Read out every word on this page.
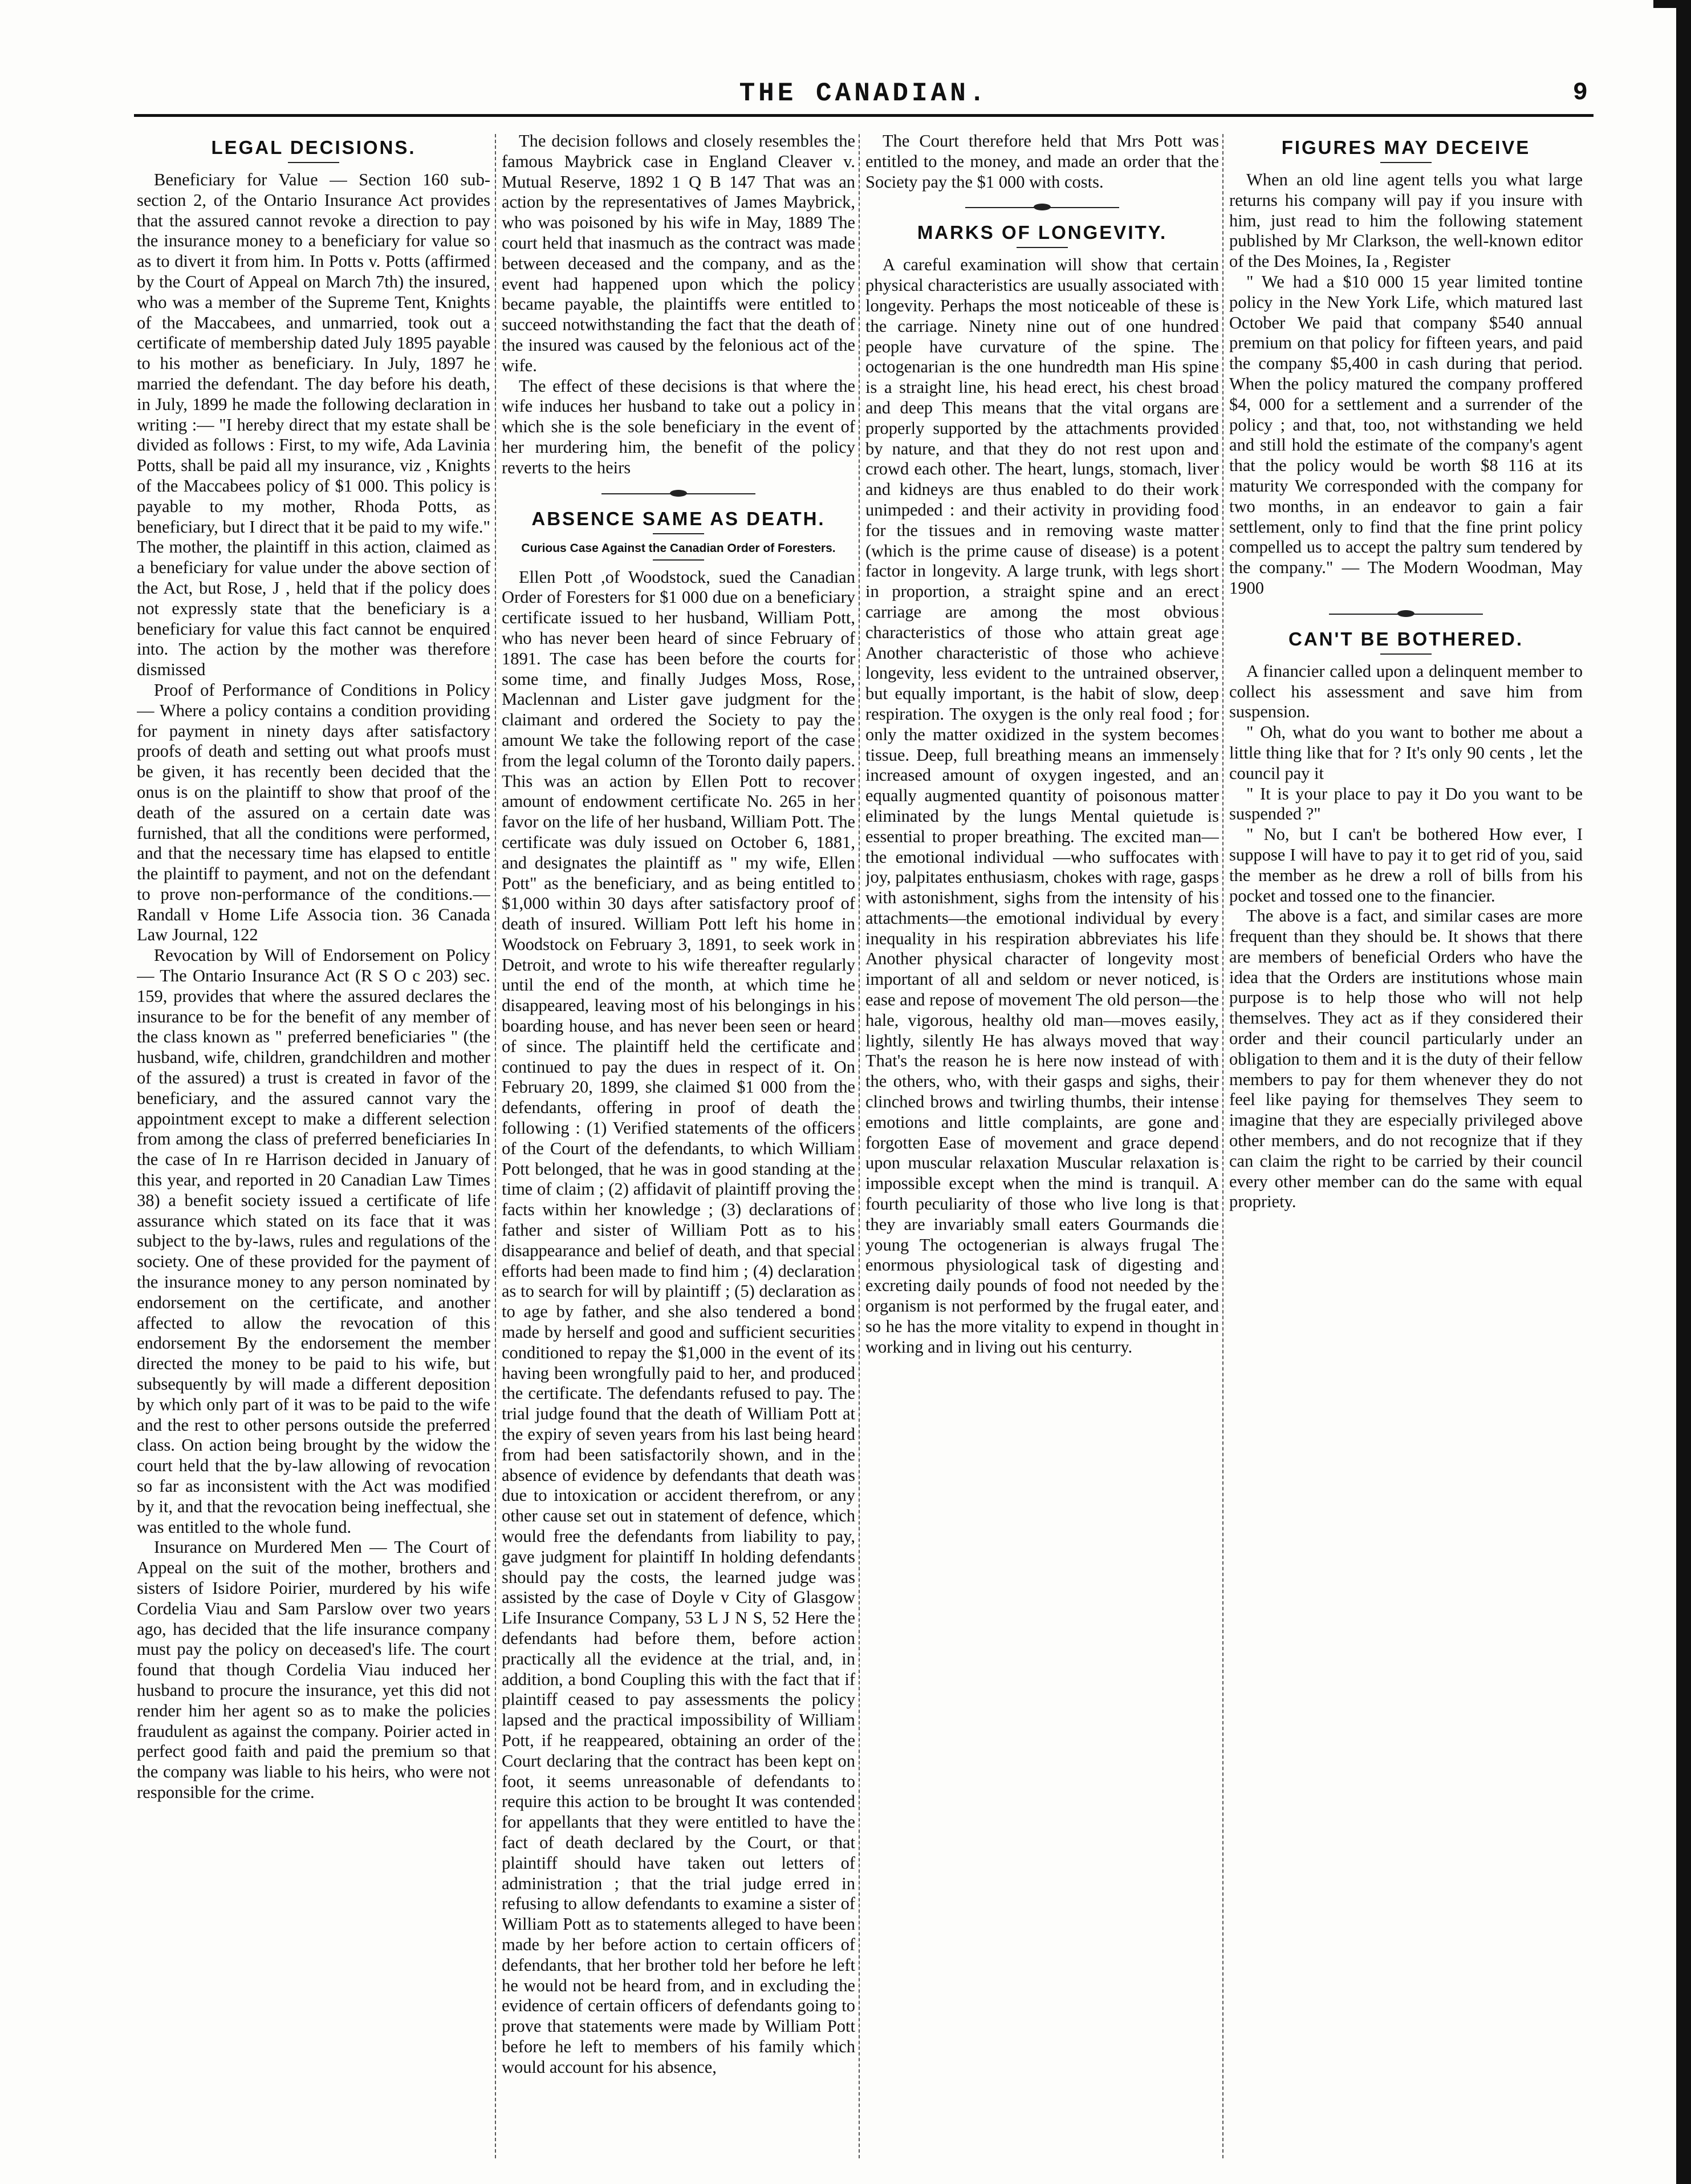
THE CANADIAN.	9
LEGAL DECISIONS.

Beneficiary for Value — Section 160 sub-section 2, of the Ontario Insurance Act provides that the assured cannot revoke a direction to pay the insurance money to a beneficiary for value so as to divert it from him. In Potts v. Potts (affirmed by the Court of Appeal on March 7th) the insured, who was a member of the Supreme Tent, Knights of the Maccabees, and unmarried, took out a certificate of membership dated July 1895 payable to his mother as beneficiary. In July, 1897 he married the defendant. The day before his death, in July, 1899 he made the following declaration in writing :— "I hereby direct that my estate shall be divided as follows : First, to my wife, Ada Lavinia Potts, shall be paid all my insurance, viz , Knights of the Maccabees policy of $1 000. This policy is payable to my mother, Rhoda Potts, as beneficiary, but I direct that it be paid to my wife." The mother, the plaintiff in this action, claimed as a beneficiary for value under the above section of the Act, but Rose, J , held that if the policy does not expressly state that the beneficiary is a beneficiary for value this fact cannot be enquired into. The action by the mother was therefore dismissed

Proof of Performance of Conditions in Policy — Where a policy contains a condition providing for payment in ninety days after satisfactory proofs of death and setting out what proofs must be given, it has recently been decided that the onus is on the plaintiff to show that proof of the death of the assured on a certain date was furnished, that all the conditions were performed, and that the necessary time has elapsed to entitle the plaintiff to payment, and not on the defendant to prove non-performance of the conditions.— Randall v Home Life Associa tion. 36 Canada Law Journal, 122

Revocation by Will of Endorsement on Policy — The Ontario Insurance Act (R S O c 203) sec. 159, provides that where the assured declares the insurance to be for the benefit of any member of the class known as " preferred beneficiaries " (the husband, wife, children, grandchildren and mother of the assured) a trust is created in favor of the beneficiary, and the assured cannot vary the appointment except to make a different selection from among the class of preferred beneficiaries In the case of In re Harrison decided in January of this year, and reported in 20 Canadian Law Times 38) a benefit society issued a certificate of life assurance which stated on its face that it was subject to the by-laws, rules and regulations of the society. One of these provided for the payment of the insurance money to any person nominated by endorsement on the certificate, and another affected to allow the revocation of this endorsement By the endorsement the member directed the money to be paid to his wife, but subsequently by will made a different deposition by which only part of it was to be paid to the wife and the rest to other persons outside the preferred class. On action being brought by the widow the court held that the by-law allowing of revocation so far as inconsistent with the Act was modified by it, and that the revocation being ineffectual, she was entitled to the whole fund.

Insurance on Murdered Men — The Court of Appeal on the suit of the mother, brothers and sisters of Isidore Poirier, murdered by his wife Cordelia Viau and Sam Parslow over two years ago, has decided that the life insurance company must pay the policy on deceased's life. The court found that though Cordelia Viau induced her husband to procure the insurance, yet this did not render him her agent so as to make the policies fraudulent as against the company. Poirier acted in perfect good faith and paid the premium so that the company was liable to his heirs, who were not responsible for the crime.

The decision follows and closely resembles the famous Maybrick case in England Cleaver v. Mutual Reserve, 1892 1 Q B 147 That was an action by the representatives of James Maybrick, who was poisoned by his wife in May, 1889 The court held that inasmuch as the contract was made between deceased and the company, and as the event had happened upon which the policy became payable, the plaintiffs were entitled to succeed notwithstanding the fact that the death of the insured was caused by the felonious act of the wife.

The effect of these decisions is that where the wife induces her husband to take out a policy in which she is the sole beneficiary in the event of her murdering him, the benefit of the policy reverts to the heirs

ABSENCE SAME AS DEATH.
Curious Case Against the Canadian Order of Foresters.

Ellen Pott ,of Woodstock, sued the Canadian Order of Foresters for $1 000 due on a beneficiary certificate issued to her husband, William Pott, who has never been heard of since February of 1891. The case has been before the courts for some time, and finally Judges Moss, Rose, Maclennan and Lister gave judgment for the claimant and ordered the Society to pay the amount We take the following report of the case from the legal column of the Toronto daily papers. This was an action by Ellen Pott to recover amount of endowment certificate No. 265 in her favor on the life of her husband, William Pott. The certificate was duly issued on October 6, 1881, and designates the plaintiff as " my wife, Ellen Pott" as the beneficiary, and as being entitled to $1,000 within 30 days after satisfactory proof of death of insured. William Pott left his home in Woodstock on February 3, 1891, to seek work in Detroit, and wrote to his wife thereafter regularly until the end of the month, at which time he disappeared, leaving most of his belongings in his boarding house, and has never been seen or heard of since. The plaintiff held the certificate and continued to pay the dues in respect of it. On February 20, 1899, she claimed $1 000 from the defendants, offering in proof of death the following : (1) Verified statements of the officers of the Court of the defendants, to which William Pott belonged, that he was in good standing at the time of claim ; (2) affidavit of plaintiff proving the facts within her knowledge ; (3) declarations of father and sister of William Pott as to his disappearance and belief of death, and that special efforts had been made to find him ; (4) declaration as to search for will by plaintiff ; (5) declaration as to age by father, and she also tendered a bond made by herself and good and sufficient securities conditioned to repay the $1,000 in the event of its having been wrongfully paid to her, and produced the certificate. The defendants refused to pay. The trial judge found that the death of William Pott at the expiry of seven years from his last being heard from had been satisfactorily shown, and in the absence of evidence by defendants that death was due to intoxication or accident therefrom, or any other cause set out in statement of defence, which would free the defendants from liability to pay, gave judgment for plaintiff In holding defendants should pay the costs, the learned judge was assisted by the case of Doyle v City of Glasgow Life Insurance Company, 53 L J N S, 52 Here the defendants had before them, before action practically all the evidence at the trial, and, in addition, a bond Coupling this with the fact that if plaintiff ceased to pay assessments the policy lapsed and the practical impossibility of William Pott, if he reappeared, obtaining an order of the Court declaring that the contract has been kept on foot, it seems unreasonable of defendants to require this action to be brought It was contended for appellants that they were entitled to have the fact of death declared by the Court, or that plaintiff should have taken out letters of administration ; that the trial judge erred in refusing to allow defendants to examine a sister of William Pott as to statements alleged to have been made by her before action to certain officers of defendants, that her brother told her before he left he would not be heard from, and in excluding the evidence of certain officers of defendants going to prove that statements were made by William Pott before he left to members of his family which would account for his absence,

The Court therefore held that Mrs Pott was entitled to the money, and made an order that the Society pay the $1 000 with costs.

MARKS OF LONGEVITY.

A careful examination will show that certain physical characteristics are usually associated with longevity. Perhaps the most noticeable of these is the carriage. Ninety nine out of one hundred people have curvature of the spine. The octogenarian is the one hundredth man His spine is a straight line, his head erect, his chest broad and deep This means that the vital organs are properly supported by the attachments provided by nature, and that they do not rest upon and crowd each other. The heart, lungs, stomach, liver and kidneys are thus enabled to do their work unimpeded : and their activity in providing food for the tissues and in removing waste matter (which is the prime cause of disease) is a potent factor in longevity. A large trunk, with legs short in proportion, a straight spine and an erect carriage are among the most obvious characteristics of those who attain great age Another characteristic of those who achieve longevity, less evident to the untrained observer, but equally important, is the habit of slow, deep respiration. The oxygen is the only real food ; for only the matter oxidized in the system becomes tissue. Deep, full breathing means an immensely increased amount of oxygen ingested, and an equally augmented quantity of poisonous matter eliminated by the lungs Mental quietude is essential to proper breathing. The excited man—the emotional individual —who suffocates with joy, palpitates enthusiasm, chokes with rage, gasps with astonishment, sighs from the intensity of his attachments—the emotional individual by every inequality in his respiration abbreviates his life Another physical character of longevity most important of all and seldom or never noticed, is ease and repose of movement The old person—the hale, vigorous, healthy old man—moves easily, lightly, silently He has always moved that way That's the reason he is here now instead of with the others, who, with their gasps and sighs, their clinched brows and twirling thumbs, their intense emotions and little complaints, are gone and forgotten Ease of movement and grace depend upon muscular relaxation Muscular relaxation is impossible except when the mind is tranquil. A fourth peculiarity of those who live long is that they are invariably small eaters Gourmands die young The octogenerian is always frugal The enormous physiological task of digesting and excreting daily pounds of food not needed by the organism is not performed by the frugal eater, and so he has the more vitality to expend in thought in working and in living out his centurry.

FIGURES MAY DECEIVE

When an old line agent tells you what large returns his company will pay if you insure with him, just read to him the following statement published by Mr Clarkson, the well-known editor of the Des Moines, Ia , Register

" We had a $10 000 15 year limited tontine policy in the New York Life, which matured last October We paid that company $540 annual premium on that policy for fifteen years, and paid the company $5,400 in cash during that period. When the policy matured the company proffered $4, 000 for a settlement and a surrender of the policy ; and that, too, not withstanding we held and still hold the estimate of the company's agent that the policy would be worth $8 116 at its maturity We corresponded with the company for two months, in an endeavor to gain a fair settlement, only to find that the fine print policy compelled us to accept the paltry sum tendered by the company." — The Modern Woodman, May 1900

CAN'T BE BOTHERED.

A financier called upon a delinquent member to collect his assessment and save him from suspension.

" Oh, what do you want to bother me about a little thing like that for ? It's only 90 cents , let the council pay it

" It is your place to pay it Do you want to be suspended ?"

" No, but I can't be bothered How ever, I suppose I will have to pay it to get rid of you, said the member as he drew a roll of bills from his pocket and tossed one to the financier.

The above is a fact, and similar cases are more frequent than they should be. It shows that there are members of beneficial Orders who have the idea that the Orders are institutions whose main purpose is to help those who will not help themselves. They act as if they considered their order and their council particularly under an obligation to them and it is the duty of their fellow members to pay for them whenever they do not feel like paying for themselves They seem to imagine that they are especially privileged above other members, and do not recognize that if they can claim the right to be carried by their council every other member can do the same with equal propriety.
